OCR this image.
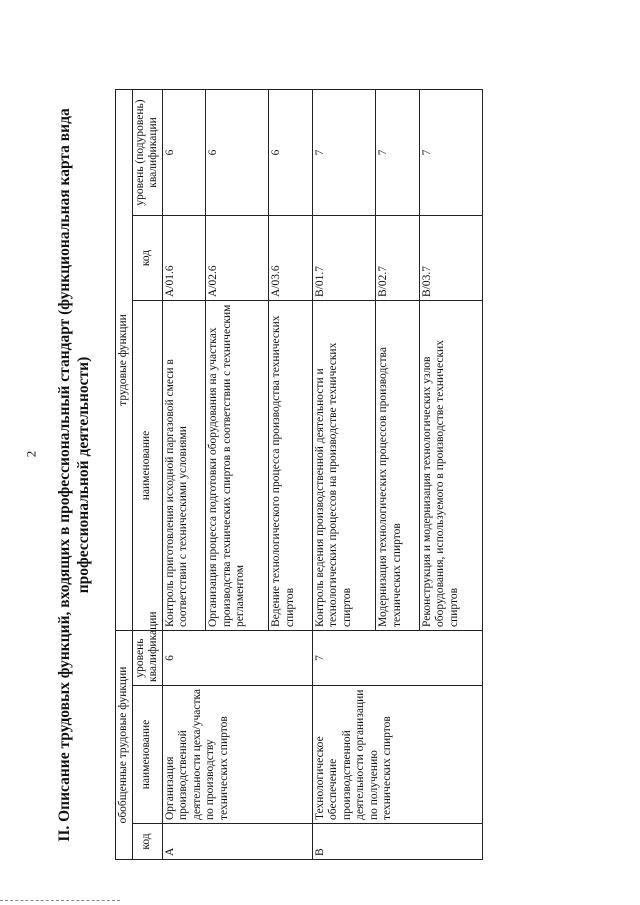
2 II. Описание трудовых функций, входящих в профессиональный стандарт (функциональная карта вида профессиональной деятельности)
обобщенные трудовые функции			трудовые функции		
код	наименование	уровень квалификации	наименование	код	уровень (подуровень) квалификации
A	Организация производственной деятельности цеха/участка по производству технических спиртов	6	Контроль приготовления исходной паргазовой смеси в соответствии с техническими условиями	A/01.6	6
			Организация процесса подготовки оборудования на участках производства технических спиртов в соответствии с техническим регламентом	A/02.6	6
			Ведение технологического процесса производства технических спиртов	A/03.6	6
B	Технологическое обеспечение производственной деятельности организации по получению технических спиртов	7	Контроль ведения производственной деятельности и технологических процессов на производстве технических спиртов	B/01.7	7
			Модернизация технологических процессов производства технических спиртов	B/02.7	7
			Реконструкция и модернизация технологических узлов оборудования, используемого в производстве технических спиртов	B/03.7	7
